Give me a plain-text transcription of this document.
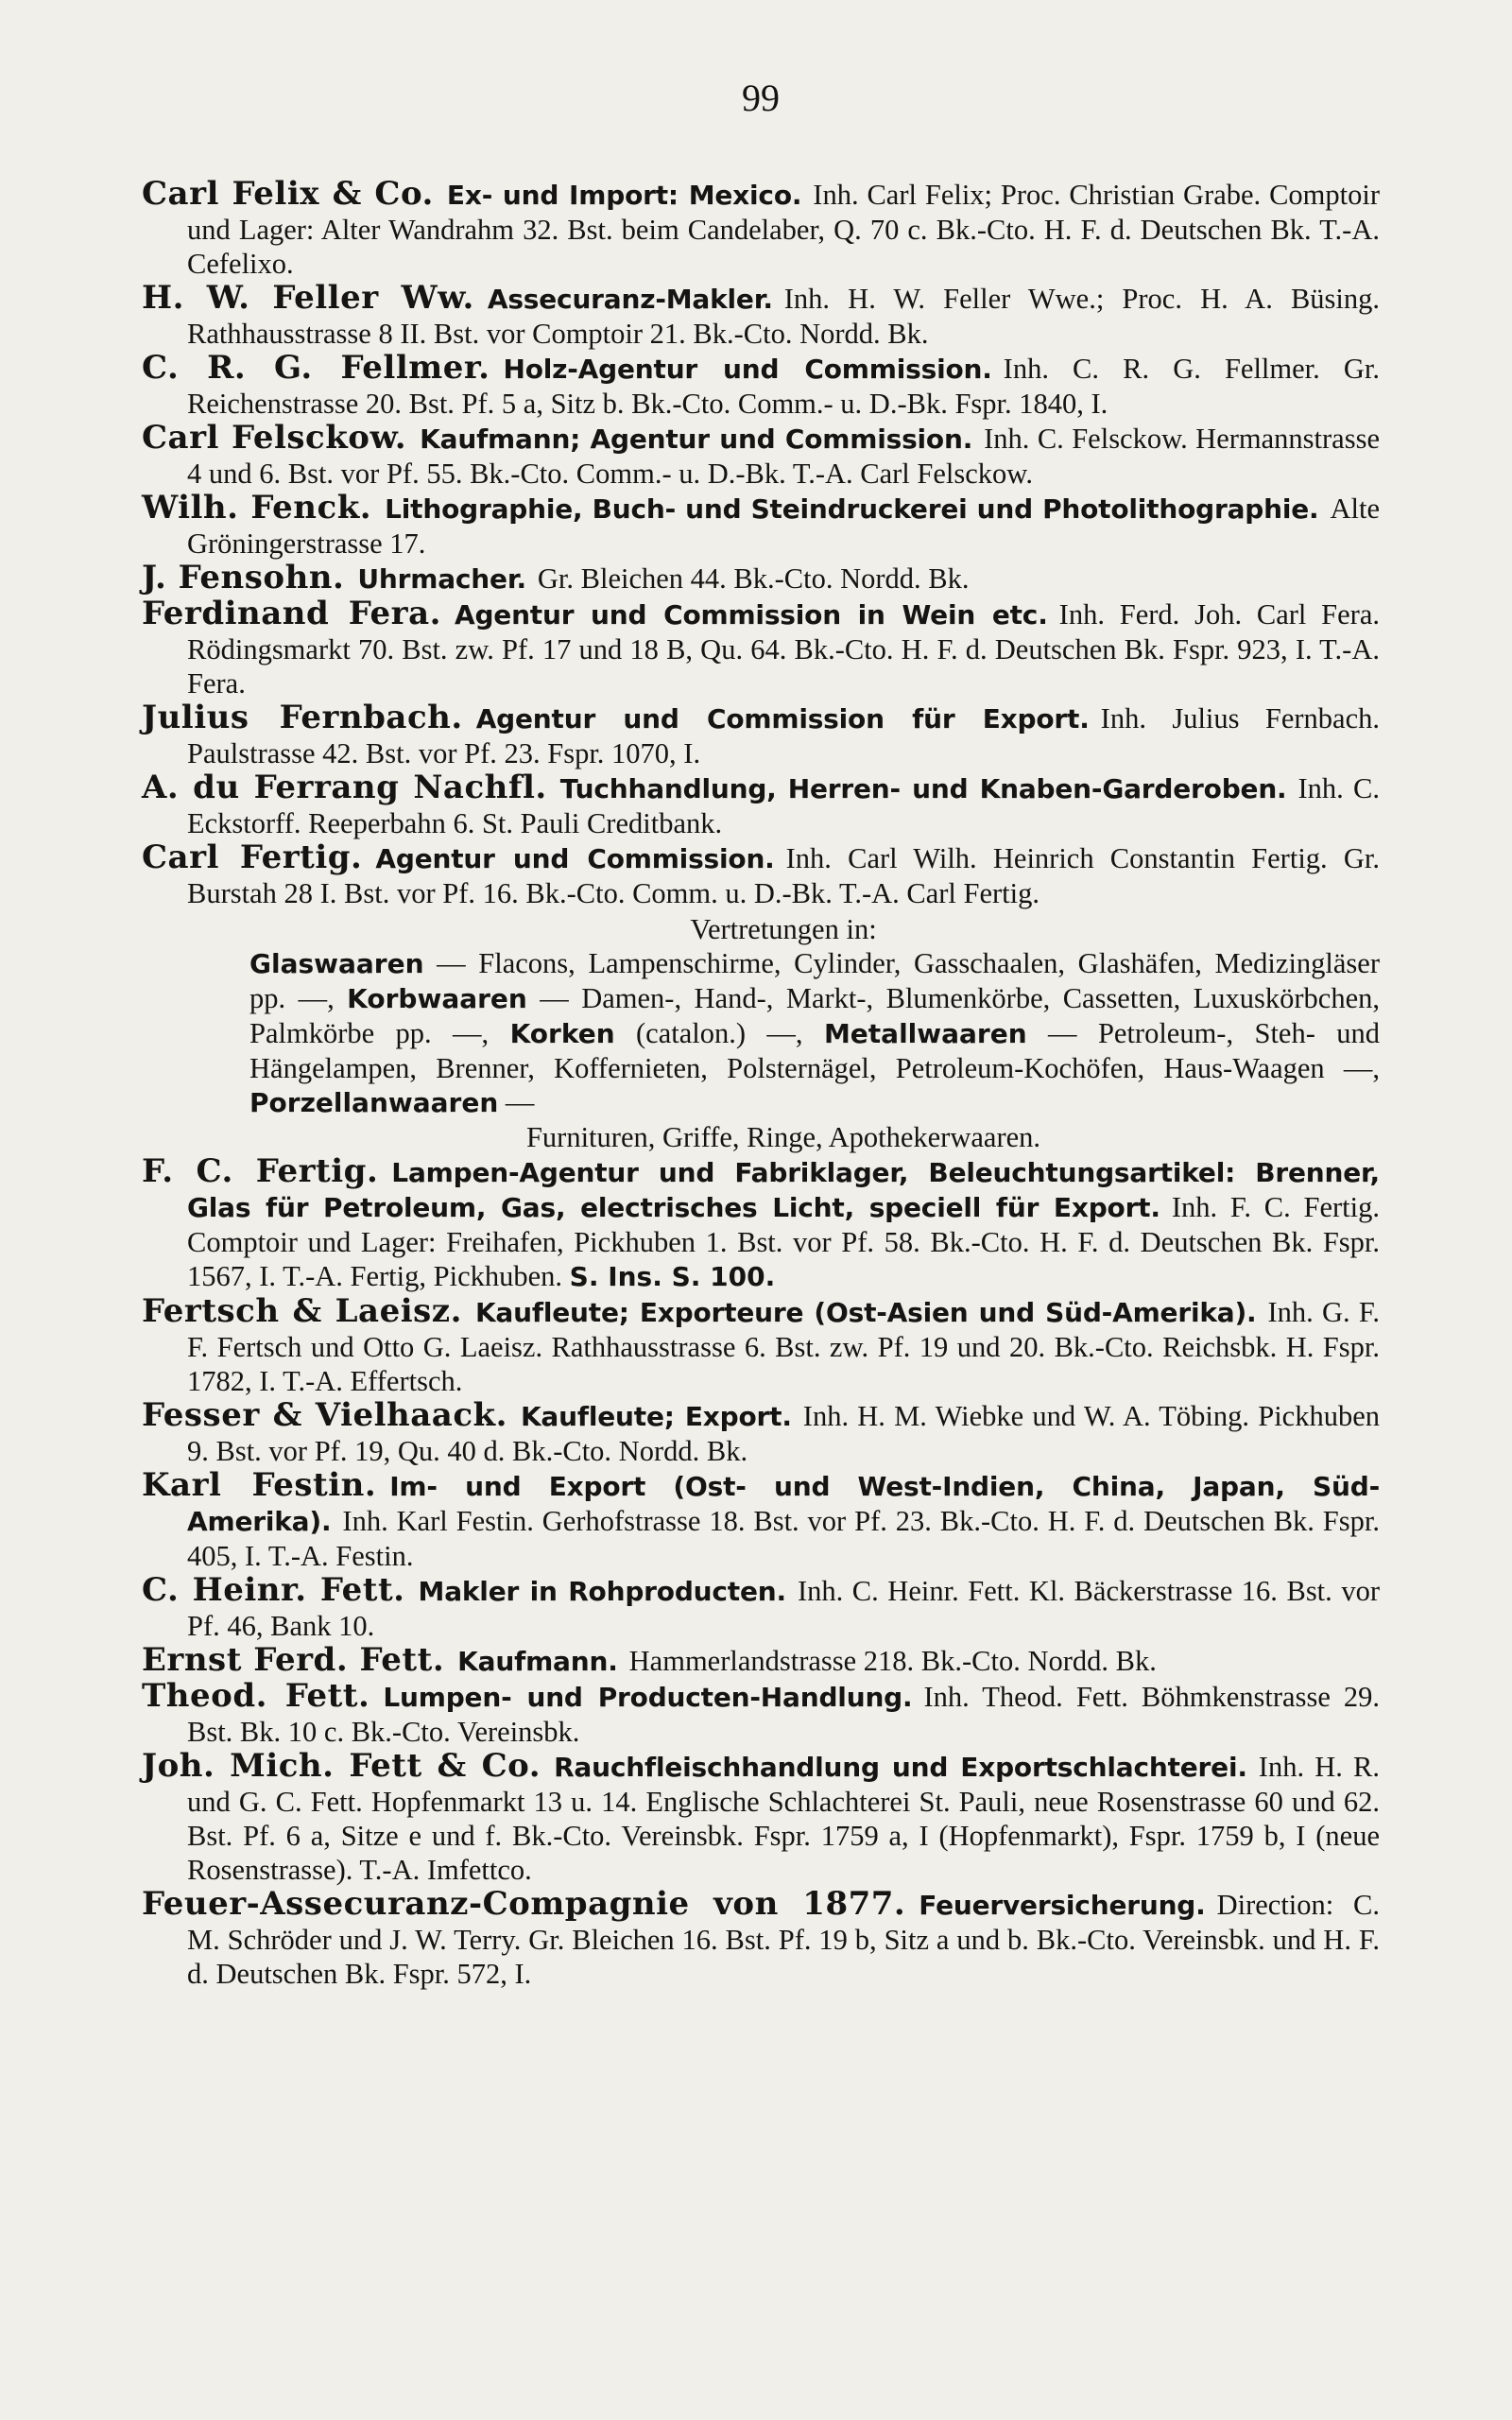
99
Carl Felix & Co. Ex- und Import: Mexico. Inh. Carl Felix; Proc. Christian Grabe. Comptoir und Lager: Alter Wandrahm 32. Bst. beim Candelaber, Q. 70 c. Bk.-Cto. H. F. d. Deutschen Bk. T.-A. Cefelixo.
H. W. Feller Ww. Assecuranz-Makler. Inh. H. W. Feller Wwe.; Proc. H. A. Büsing. Rathhausstrasse 8 II. Bst. vor Comptoir 21. Bk.-Cto. Nordd. Bk.
C. R. G. Fellmer. Holz-Agentur und Commission. Inh. C. R. G. Fellmer. Gr. Reichenstrasse 20. Bst. Pf. 5 a, Sitz b. Bk.-Cto. Comm.- u. D.-Bk. Fspr. 1840, I.
Carl Felsckow. Kaufmann; Agentur und Commission. Inh. C. Felsckow. Hermannstrasse 4 und 6. Bst. vor Pf. 55. Bk.-Cto. Comm.- u. D.-Bk. T.-A. Carl Felsckow.
Wilh. Fenck. Lithographie, Buch- und Steindruckerei und Photolithographie. Alte Gröningerstrasse 17.
J. Fensohn. Uhrmacher. Gr. Bleichen 44. Bk.-Cto. Nordd. Bk.
Ferdinand Fera. Agentur und Commission in Wein etc. Inh. Ferd. Joh. Carl Fera. Rödingsmarkt 70. Bst. zw. Pf. 17 und 18 B, Qu. 64. Bk.-Cto. H. F. d. Deutschen Bk. Fspr. 923, I. T.-A. Fera.
Julius Fernbach. Agentur und Commission für Export. Inh. Julius Fernbach. Paulstrasse 42. Bst. vor Pf. 23. Fspr. 1070, I.
A. du Ferrang Nachfl. Tuchhandlung, Herren- und Knaben-Garderoben. Inh. C. Eckstorff. Reeperbahn 6. St. Pauli Creditbank.
Carl Fertig. Agentur und Commission. Inh. Carl Wilh. Heinrich Constantin Fertig. Gr. Burstah 28 I. Bst. vor Pf. 16. Bk.-Cto. Comm. u. D.-Bk. T.-A. Carl Fertig.
Vertretungen in:
Glaswaaren — Flacons, Lampenschirme, Cylinder, Gasschaalen, Glashäfen, Medizingläser pp. —, Korbwaaren — Damen-, Hand-, Markt-, Blumenkörbe, Cassetten, Luxuskörbchen, Palmkörbe pp. —, Korken (catalon.) —, Metallwaaren — Petroleum-, Steh- und Hängelampen, Brenner, Koffernieten, Polsternägel, Petroleum-Kochöfen, Haus-Waagen —, Porzellanwaaren —
Furnituren, Griffe, Ringe, Apothekerwaaren.
F. C. Fertig. Lampen-Agentur und Fabriklager, Beleuchtungsartikel: Brenner, Glas für Petroleum, Gas, electrisches Licht, speciell für Export. Inh. F. C. Fertig. Comptoir und Lager: Freihafen, Pickhuben 1. Bst. vor Pf. 58. Bk.-Cto. H. F. d. Deutschen Bk. Fspr. 1567, I. T.-A. Fertig, Pickhuben. S. Ins. S. 100.
Fertsch & Laeisz. Kaufleute; Exporteure (Ost-Asien und Süd-Amerika). Inh. G. F. F. Fertsch und Otto G. Laeisz. Rathhausstrasse 6. Bst. zw. Pf. 19 und 20. Bk.-Cto. Reichsbk. H. Fspr. 1782, I. T.-A. Effertsch.
Fesser & Vielhaack. Kaufleute; Export. Inh. H. M. Wiebke und W. A. Töbing. Pickhuben 9. Bst. vor Pf. 19, Qu. 40 d. Bk.-Cto. Nordd. Bk.
Karl Festin. Im- und Export (Ost- und West-Indien, China, Japan, Süd-Amerika). Inh. Karl Festin. Gerhofstrasse 18. Bst. vor Pf. 23. Bk.-Cto. H. F. d. Deutschen Bk. Fspr. 405, I. T.-A. Festin.
C. Heinr. Fett. Makler in Rohproducten. Inh. C. Heinr. Fett. Kl. Bäckerstrasse 16. Bst. vor Pf. 46, Bank 10.
Ernst Ferd. Fett. Kaufmann. Hammerlandstrasse 218. Bk.-Cto. Nordd. Bk.
Theod. Fett. Lumpen- und Producten-Handlung. Inh. Theod. Fett. Böhmkenstrasse 29. Bst. Bk. 10 c. Bk.-Cto. Vereinsbk.
Joh. Mich. Fett & Co. Rauchfleischhandlung und Exportschlachterei. Inh. H. R. und G. C. Fett. Hopfenmarkt 13 u. 14. Englische Schlachterei St. Pauli, neue Rosenstrasse 60 und 62. Bst. Pf. 6 a, Sitze e und f. Bk.-Cto. Vereinsbk. Fspr. 1759 a, I (Hopfenmarkt), Fspr. 1759 b, I (neue Rosenstrasse). T.-A. Imfettco.
Feuer-Assecuranz-Compagnie von 1877. Feuerversicherung. Direction: C. M. Schröder und J. W. Terry. Gr. Bleichen 16. Bst. Pf. 19 b, Sitz a und b. Bk.-Cto. Vereinsbk. und H. F. d. Deutschen Bk. Fspr. 572, I.
